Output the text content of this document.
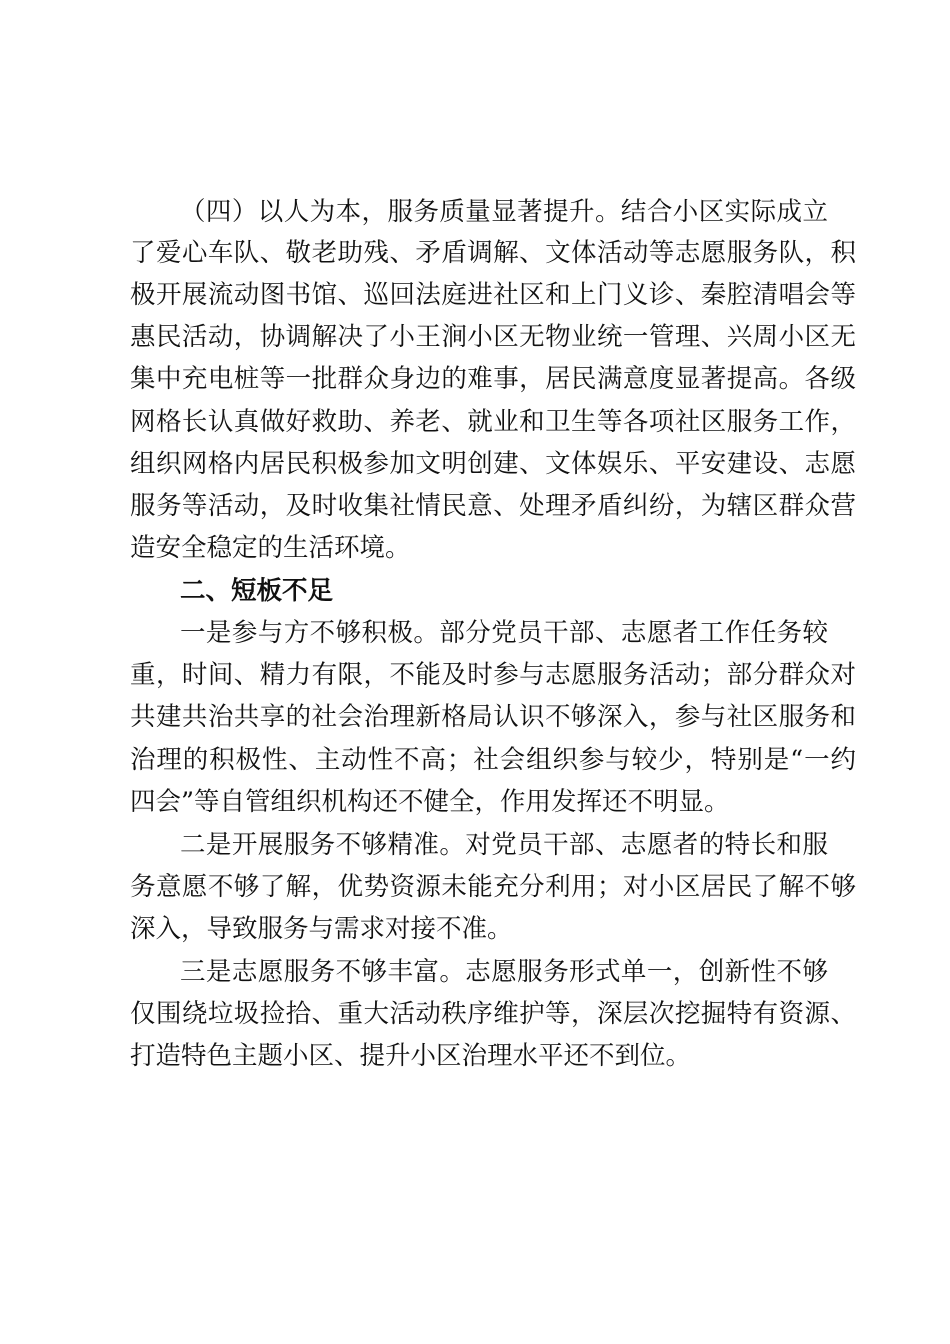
（四）以人为本，服务质量显著提升。结合小区实际成立
了爱心车队、敬老助残、矛盾调解、文体活动等志愿服务队，积
极开展流动图书馆、巡回法庭进社区和上门义诊、秦腔清唱会等
惠民活动，协调解决了小王涧小区无物业统一管理、兴周小区无
集中充电桩等一批群众身边的难事，居民满意度显著提高。各级
网格长认真做好救助、养老、就业和卫生等各项社区服务工作，
组织网格内居民积极参加文明创建、文体娱乐、平安建设、志愿
服务等活动，及时收集社情民意、处理矛盾纠纷，为辖区群众营
造安全稳定的生活环境。
二、短板不足
一是参与方不够积极。部分党员干部、志愿者工作任务较
重，时间、精力有限，不能及时参与志愿服务活动；部分群众对
共建共治共享的社会治理新格局认识不够深入，参与社区服务和
治理的积极性、主动性不高；社会组织参与较少，特别是“一约
四会”等自管组织机构还不健全，作用发挥还不明显。
二是开展服务不够精准。对党员干部、志愿者的特长和服
务意愿不够了解，优势资源未能充分利用；对小区居民了解不够
深入，导致服务与需求对接不准。
三是志愿服务不够丰富。志愿服务形式单一，创新性不够
仅围绕垃圾捡拾、重大活动秩序维护等，深层次挖掘特有资源、
打造特色主题小区、提升小区治理水平还不到位。
